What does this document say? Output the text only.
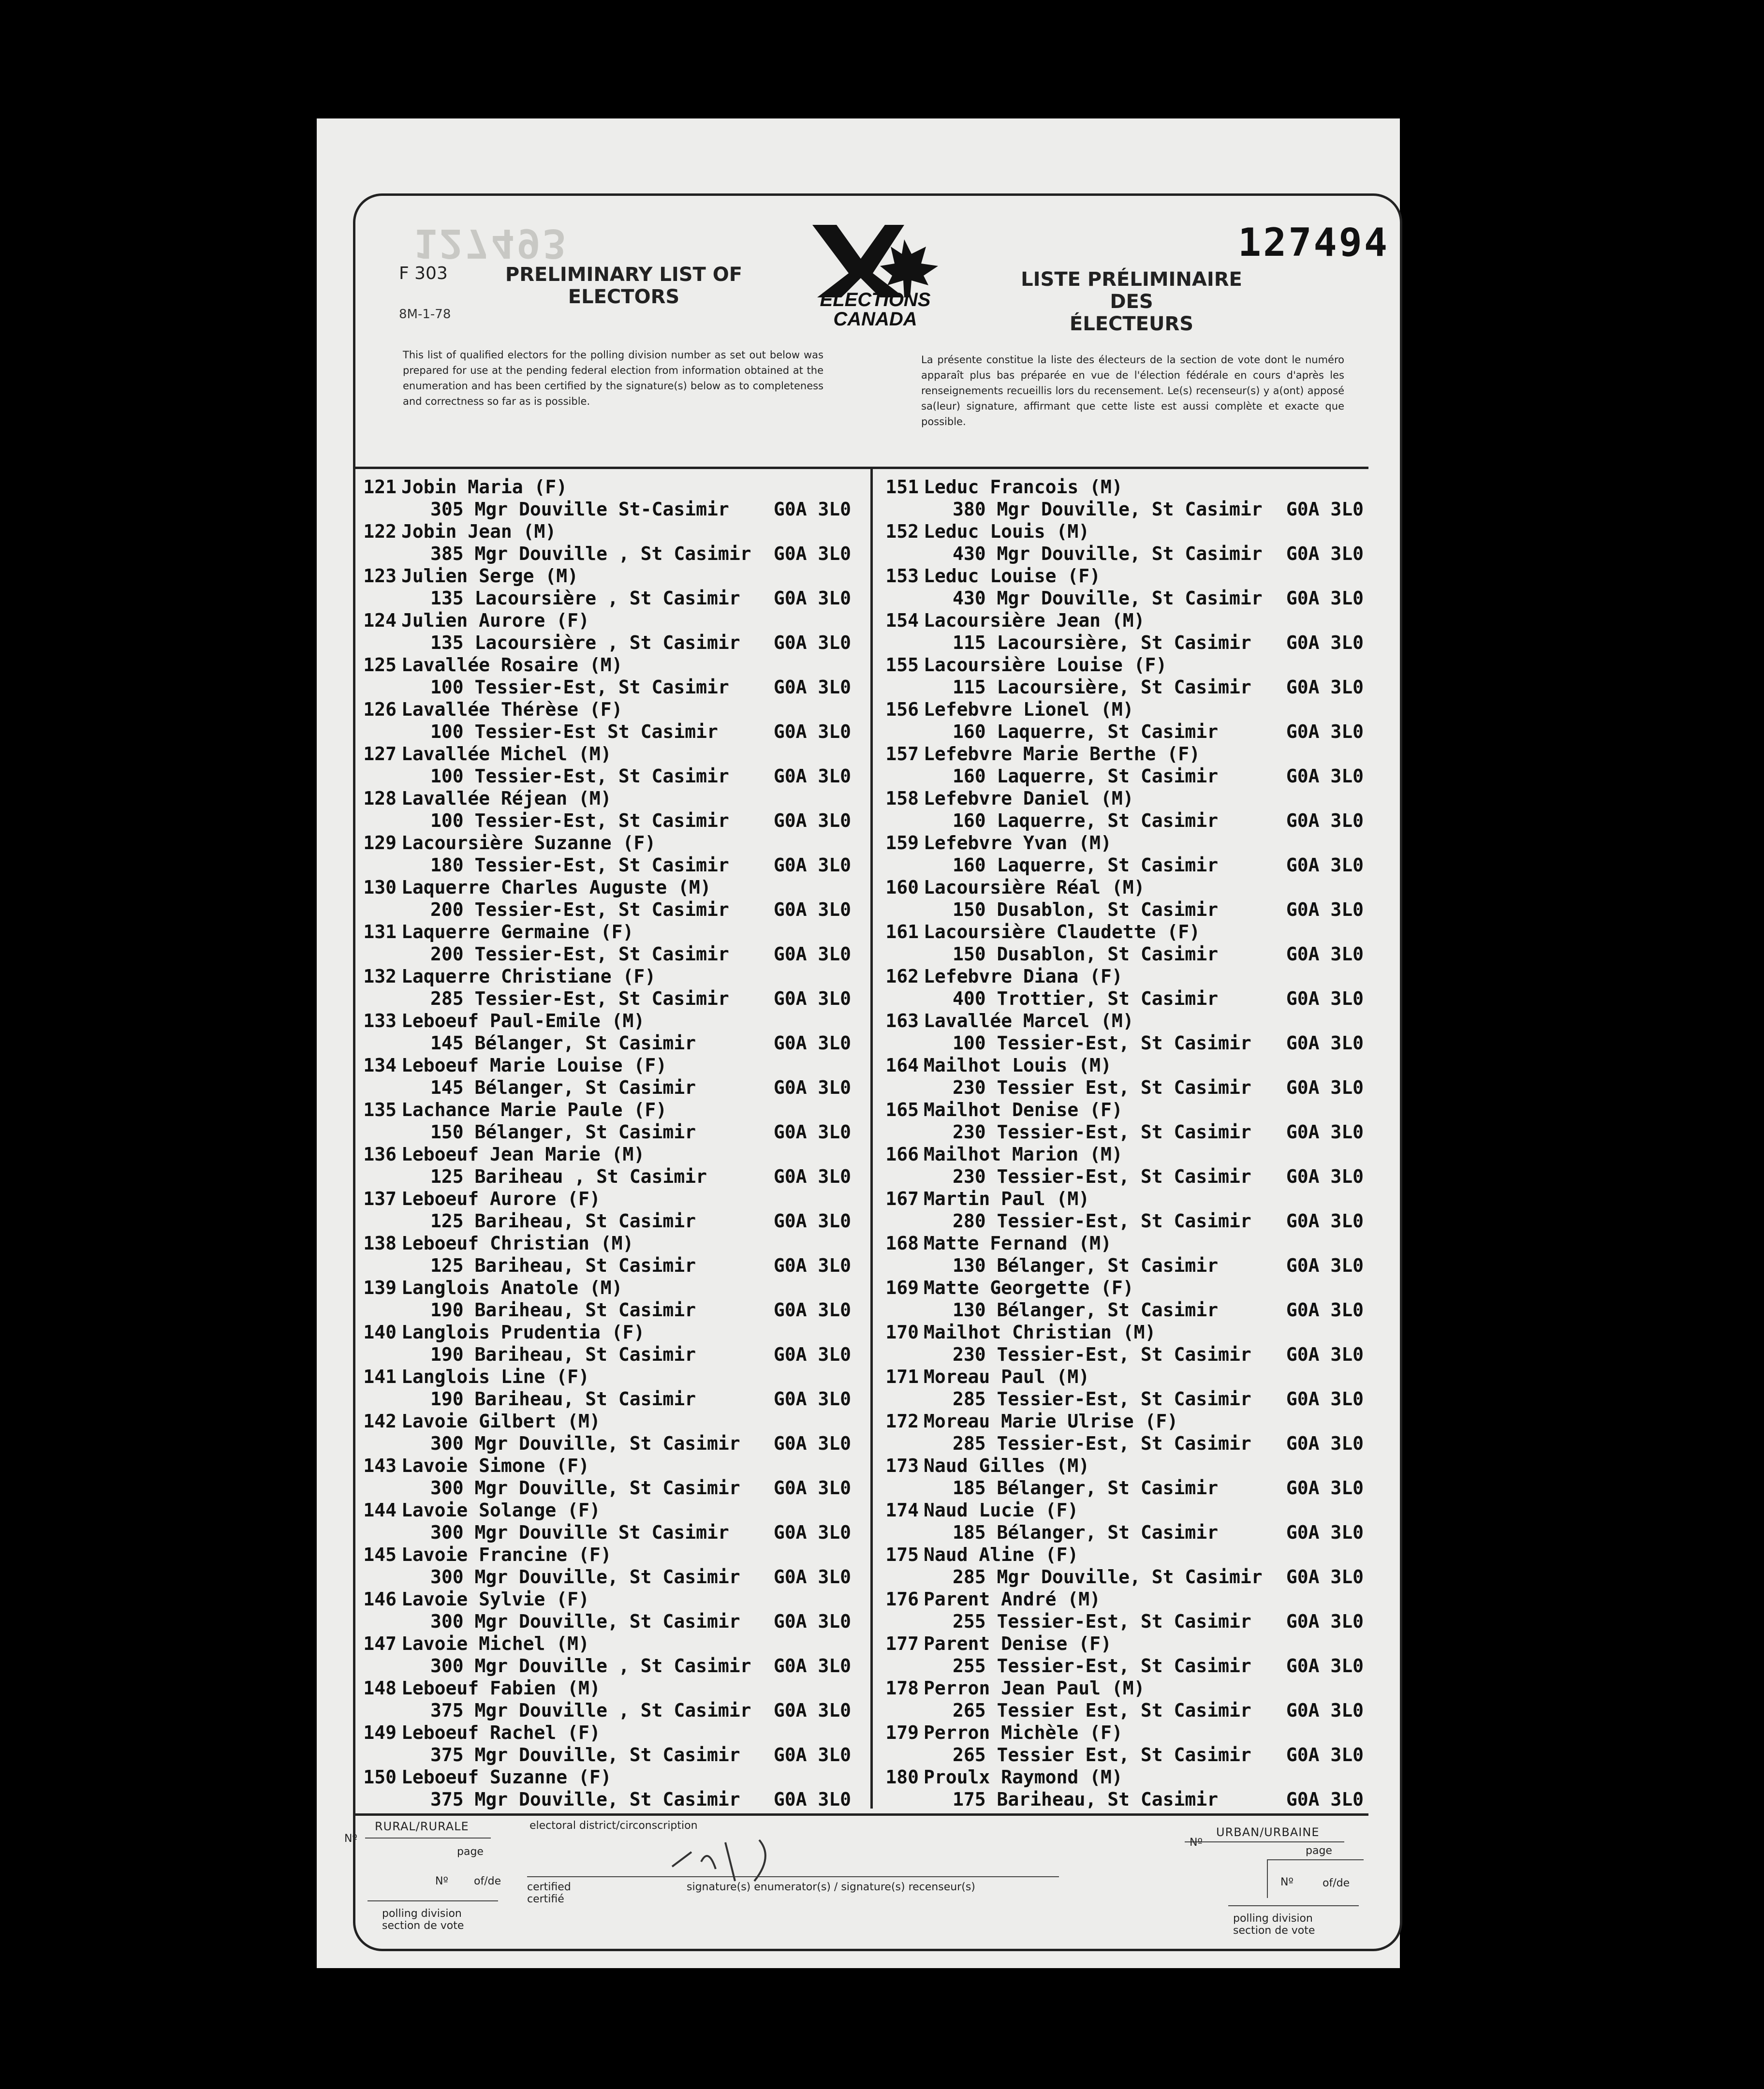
127493	127494
F 303
8M-1-78
PRELIMINARY LIST OF
ELECTORS
LISTE PRÉLIMINAIRE DES
ÉLECTEURS
ELECTIONS
CANADA
This list of qualified electors for the polling division number as set out below was prepared for use at the pending federal election from information obtained at the enumeration and has been certified by the signature(s) below as to completeness and correctness so far as is possible.
La présente constitue la liste des électeurs de la section de vote dont le numéro apparaît plus bas préparée en vue de l'élection fédérale en cours d'après les renseignements recueillis lors du recensement. Le(s) recenseur(s) y a(ont) apposé sa(leur) signature, affirmant que cette liste est aussi complète et exacte que possible.
121 Jobin Maria (F)
305 Mgr Douville St-Casimir G0A 3L0
122 Jobin Jean (M)
385 Mgr Douville , St Casimir G0A 3L0
123 Julien Serge (M)
135 Lacoursière , St Casimir G0A 3L0
124 Julien Aurore (F)
135 Lacoursière , St Casimir G0A 3L0
125 Lavallée Rosaire (M)
100 Tessier-Est, St Casimir G0A 3L0
126 Lavallée Thérèse (F)
100 Tessier-Est St Casimir	G0A 3L0
127 Lavallée Michel (M)
100 Tessier-Est, St Casimir G0A 3L0
128 Lavallée Réjean (M)
100 Tessier-Est, St Casimir G0A 3L0
129 Lacoursière Suzanne (F)
180 Tessier-Est, St Casimir G0A 3L0
130 Laquerre Charles Auguste (M)
200 Tessier-Est, St Casimir G0A 3L0
131 Laquerre Germaine (F)
200 Tessier-Est, St Casimir G0A 3L0
132 Laquerre Christiane (F)
285 Tessier-Est, St Casimir G0A 3L0
133 Leboeuf Paul-Emile (M)
145 Bélanger, St Casimir	G0A 3L0
134 Leboeuf Marie Louise (F)
145 Bélanger, St Casimir	G0A 3L0
135 Lachance Marie Paule (F)
150 Bélanger, St Casimir	G0A 3L0
136 Leboeuf Jean Marie (M)
125 Bariheau , St Casimir	G0A 3L0
137 Leboeuf Aurore (F)
125 Bariheau, St Casimir	G0A 3L0
138 Leboeuf Christian (M)
125 Bariheau, St Casimir	G0A 3L0
139 Langlois Anatole (M)
190 Bariheau, St Casimir	G0A 3L0
140 Langlois Prudentia (F)
190 Bariheau, St Casimir	G0A 3L0
141 Langlois Line (F)
190 Bariheau, St Casimir	G0A 3L0
142 Lavoie Gilbert (M)
300 Mgr Douville, St Casimir G0A 3L0
143 Lavoie Simone (F)
300 Mgr Douville, St Casimir G0A 3L0
144 Lavoie Solange (F)
300 Mgr Douville St Casimir G0A 3L0
145 Lavoie Francine (F)
300 Mgr Douville, St Casimir G0A 3L0
146 Lavoie Sylvie (F)
300 Mgr Douville, St Casimir G0A 3L0
147 Lavoie Michel (M)
300 Mgr Douville , St Casimir G0A 3L0
148 Leboeuf Fabien (M)
375 Mgr Douville , St Casimir G0A 3L0
149 Leboeuf Rachel (F)
375 Mgr Douville, St Casimir G0A 3L0
150 Leboeuf Suzanne (F)
375 Mgr Douville, St Casimir G0A 3L0
151 Leduc Francois (M)
380 Mgr Douville, St Casimir G0A 3L0
152 Leduc Louis (M)
430 Mgr Douville, St Casimir G0A 3L0
153 Leduc Louise (F)
430 Mgr Douville, St Casimir G0A 3L0
154 Lacoursière Jean (M)
115 Lacoursière, St Casimir G0A 3L0
155 Lacoursière Louise (F)
115 Lacoursière, St Casimir G0A 3L0
156 Lefebvre Lionel (M)
160 Laquerre, St Casimir	G0A 3L0
157 Lefebvre Marie Berthe (F)
160 Laquerre, St Casimir	G0A 3L0
158 Lefebvre Daniel (M)
160 Laquerre, St Casimir	G0A 3L0
159 Lefebvre Yvan (M)
160 Laquerre, St Casimir	G0A 3L0
160 Lacoursière Réal (M)
150 Dusablon, St Casimir	G0A 3L0
161 Lacoursière Claudette (F)
150 Dusablon, St Casimir	G0A 3L0
162 Lefebvre Diana (F)
400 Trottier, St Casimir	G0A 3L0
163 Lavallée Marcel (M)
100 Tessier-Est, St Casimir G0A 3L0
164 Mailhot Louis (M)
230 Tessier Est, St Casimir G0A 3L0
165 Mailhot Denise (F)
230 Tessier-Est, St Casimir G0A 3L0
166 Mailhot Marion (M)
230 Tessier-Est, St Casimir G0A 3L0
167 Martin Paul (M)
280 Tessier-Est, St Casimir G0A 3L0
168 Matte Fernand (M)
130 Bélanger, St Casimir	G0A 3L0
169 Matte Georgette (F)
130 Bélanger, St Casimir	G0A 3L0
170 Mailhot Christian (M)
230 Tessier-Est, St Casimir G0A 3L0
171 Moreau Paul (M)
285 Tessier-Est, St Casimir G0A 3L0
172 Moreau Marie Ulrise (F)
285 Tessier-Est, St Casimir G0A 3L0
173 Naud Gilles (M)
185 Bélanger, St Casimir	G0A 3L0
174 Naud Lucie (F)
185 Bélanger, St Casimir	G0A 3L0
175 Naud Aline (F)
285 Mgr Douville, St Casimir G0A 3L0
176 Parent André (M)
255 Tessier-Est, St Casimir G0A 3L0
177 Parent Denise (F)
255 Tessier-Est, St Casimir G0A 3L0
178 Perron Jean Paul (M)
265 Tessier Est, St Casimir G0A 3L0
179 Perron Michèle (F)
265 Tessier Est, St Casimir G0A 3L0
180 Proulx Raymond (M)
175 Bariheau, St Casimir	G0A 3L0
RURAL/RURALE	electoral district/circonscription	URBAN/URBAINE
Nº
page
Nº of/de certified
certifié
signature(s) enumerator(s) / signature(s) recenseur(s)
polling division
section de vote
Nº
page
Nº	of/de
polling division
section de vote
